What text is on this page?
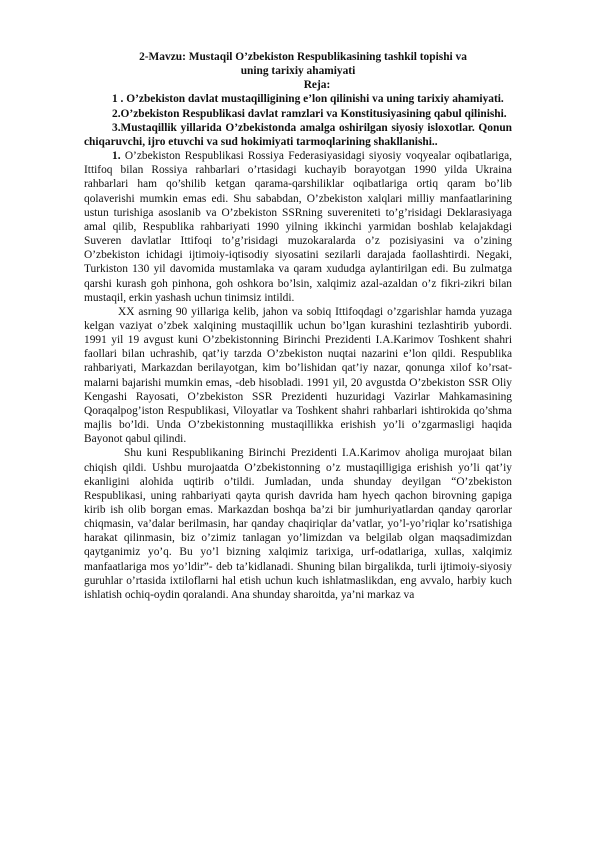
2-Mavzu: Mustaqil O’zbekiston Respublikasining tashkil topishi va
uning tarixiy ahamiyati
Reja:

1 . O’zbekiston davlat mustaqilligining e’lon qilinishi va uning tarixiy ahamiyati.

2.O’zbekiston Respublikasi davlat ramzlari va Konstitusiyasining qabul qilinishi.

3.Mustaqillik yillarida O’zbekistonda amalga oshirilgan siyosiy isloxotlar. Qonun chiqaruvchi, ijro etuvchi va sud hokimiyati tarmoqlarining shakllanishi..

1. O’zbekiston Respublikasi Rossiya Federasiyasidagi siyosiy voqyealar oqibatlariga, Ittifoq bilan Rossiya rahbarlari o’rtasidagi kuchayib borayotgan 1990 yilda Ukraina rahbarlari ham qo’shilib ketgan qarama-qarshiliklar oqibatlariga ortiq qaram bo’lib qolaverishi mumkin emas edi. Shu sababdan, O’zbekiston xalqlari milliy manfaatlarining ustun turishiga asoslanib va O’zbekiston SSRning suvereniteti to’g’risidagi Deklarasiyaga amal qilib, Respublika rahbariyati 1990 yilning ikkinchi yarmidan boshlab kelajakdagi Suveren davlatlar Ittifoqi to’g’risidagi muzokaralarda o’z pozisiyasini va o’zining O’zbekiston ichidagi ijtimoiy-iqtisodiy siyosatini sezilarli darajada faollashtirdi. Negaki, Turkiston 130 yil davomida mustamlaka va qaram xududga aylantirilgan edi. Bu zulmatga qarshi kurash goh pinhona, goh oshkora bo’lsin, xalqimiz azal-azaldan o’z fikri-zikri bilan mustaqil, erkin yashash uchun tinimsiz intildi.

XX asrning 90 yillariga kelib, jahon va sobiq Ittifoqdagi o’zgarishlar hamda yuzaga kelgan vaziyat o’zbek xalqining mustaqillik uchun bo’lgan kurashini tezlashtirib yubordi. 1991 yil 19 avgust kuni O’zbekistonning Birinchi Prezidenti I.A.Karimov Toshkent shahri faollari bilan uchrashib, qat’iy tarzda O’zbekiston nuqtai nazarini e’lon qildi. Respublika rahbariyati, Markazdan berilayotgan, kim bo’lishidan qat’iy nazar, qonunga xilof ko’rsat-malarni bajarishi mumkin emas, -deb hisobladi. 1991 yil, 20 avgustda O’zbekiston SSR Oliy Kengashi Rayosati, O’zbekiston SSR Prezidenti huzuridagi Vazirlar Mahkamasining Qoraqalpog’iston Respublikasi, Viloyatlar va Toshkent shahri rahbarlari ishtirokida qo’shma majlis bo’ldi. Unda O’zbekistonning mustaqillikka erishish yo’li o’zgarmasligi haqida Bayonot qabul qilindi.

Shu kuni Respublikaning Birinchi Prezidenti I.A.Karimov aholiga murojaat bilan chiqish qildi. Ushbu murojaatda O’zbekistonning o’z mustaqilligiga erishish yo’li qat’iy ekanligini alohida uqtirib o’tildi. Jumladan, unda shunday deyilgan “O’zbekiston Respublikasi, uning rahbariyati qayta qurish davrida ham hyech qachon birovning gapiga kirib ish olib borgan emas. Markazdan boshqa ba’zi bir jumhuriyatlardan qanday qarorlar chiqmasin, va’dalar berilmasin, har qanday chaqiriqlar da’vatlar, yo’l-yo’riqlar ko’rsatishiga harakat qilinmasin, biz o’zimiz tanlagan yo’limizdan va belgilab olgan maqsadimizdan qaytganimiz yo’q. Bu yo’l bizning xalqimiz tarixiga, urf-odatlariga, xullas, xalqimiz manfaatlariga mos yo’ldir”- deb ta’kidlanadi. Shuning bilan birgalikda, turli ijtimoiy-siyosiy guruhlar o’rtasida ixtiloflarni hal etish uchun kuch ishlatmaslikdan, eng avvalo, harbiy kuch ishlatish ochiq-oydin qoralandi. Ana shunday sharoitda, ya’ni markaz va
